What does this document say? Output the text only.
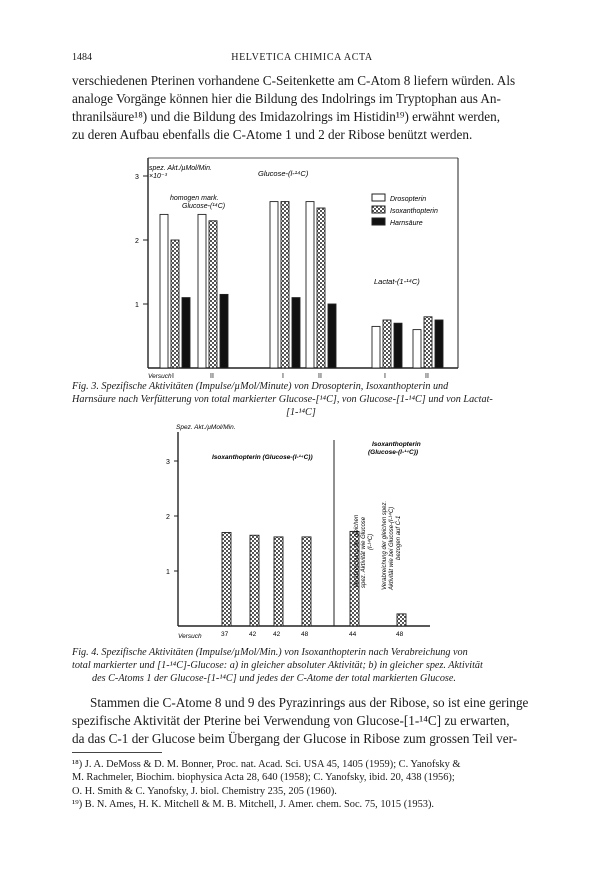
1484	HELVETICA CHIMICA ACTA
verschiedenen Pterinen vorhandene C-Seitenkette am C-Atom 8 liefern würden. Als
analoge Vorgänge können hier die Bildung des Indolrings im Tryptophan aus An-
thranilsäure¹⁸) und die Bildung des Imidazolrings im Histidin¹⁹) erwähnt werden,
zu deren Aufbau ebenfalls die C-Atome 1 und 2 der Ribose benützt werden.
3
2
1
spez. Akt./µMol/Min.
×10⁻³	Glucose-(l-¹⁴C)
homogen mark.
Glucose-(¹⁴C)
Lactat-(1-¹⁴C)
Drosopterin
Isoxanthopterin
Harnsäure
Versuch I	II	I	II	I	II
Fig. 3. Spezifische Aktivitäten (Impulse/µMol/Minute) von Drosopterin, Isoxanthopterin und
Harnsäure nach Verfütterung von total markierter Glucose-[¹⁴C], von Glucose-[1-¹⁴C] und von Lactat-
[1-¹⁴C]
3
2
1
Spez. Akt./µMol/Min.
Isoxanthopterin (Glucose-(l-¹⁴C))
Isoxanthopterin
(Glucose-(l-¹⁴C))
Verabreichung der gleichen spez. Aktivität wie Glucose (l-¹⁴C) Verabreichung der gleichen spez. Aktivität wie bei Glucose-(l-¹⁴C) bezogen auf C-1
Versuch	37	42	42	48	44	48
Fig. 4. Spezifische Aktivitäten (Impulse/µMol/Min.) von Isoxanthopterin nach Verabreichung von
total markierter und [1-¹⁴C]-Glucose: a) in gleicher absoluter Aktivität; b) in gleicher spez. Aktivität
des C-Atoms 1 der Glucose-[1-¹⁴C] und jedes der C-Atome der total markierten Glucose.
Stammen die C-Atome 8 und 9 des Pyrazinrings aus der Ribose, so ist eine geringe
spezifische Aktivität der Pterine bei Verwendung von Glucose-[1-¹⁴C] zu erwarten,
da das C-1 der Glucose beim Übergang der Glucose in Ribose zum grossen Teil ver-
¹⁸) J. A. DeMoss & D. M. Bonner, Proc. nat. Acad. Sci. USA 45, 1405 (1959); C. Yanofsky &
M. Rachmeler, Biochim. biophysica Acta 28, 640 (1958); C. Yanofsky, ibid. 20, 438 (1956);
O. H. Smith & C. Yanofsky, J. biol. Chemistry 235, 205 (1960).
¹⁹) B. N. Ames, H. K. Mitchell & M. B. Mitchell, J. Amer. chem. Soc. 75, 1015 (1953).
